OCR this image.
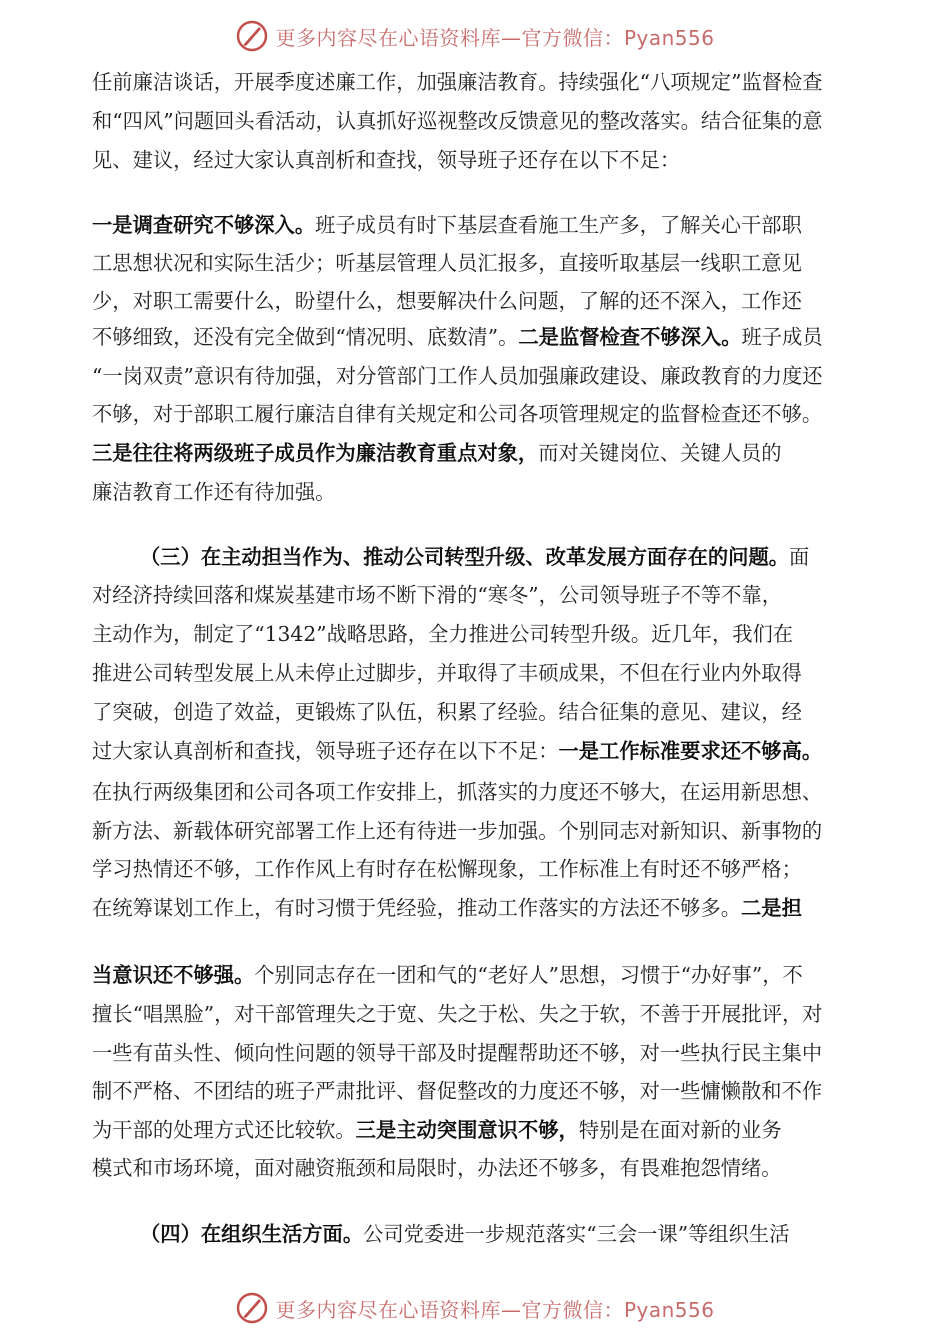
更多内容尽在心语资料库—官方微信：Pyan556
任前廉洁谈话，开展季度述廉工作，加强廉洁教育。持续强化“八项规定”监督检查
和“四风”问题回头看活动，认真抓好巡视整改反馈意见的整改落实。结合征集的意
见、建议，经过大家认真剖析和查找，领导班子还存在以下不足：
一是调查研究不够深入。班子成员有时下基层查看施工生产多，了解关心干部职
工思想状况和实际生活少；听基层管理人员汇报多，直接听取基层一线职工意见
少，对职工需要什么，盼望什么，想要解决什么问题，了解的还不深入，工作还
不够细致，还没有完全做到“情况明、底数清”。二是监督检查不够深入。班子成员
“一岗双责”意识有待加强，对分管部门工作人员加强廉政建设、廉政教育的力度还
不够，对于部职工履行廉洁自律有关规定和公司各项管理规定的监督检查还不够。
三是往往将两级班子成员作为廉洁教育重点对象，而对关键岗位、关键人员的
廉洁教育工作还有待加强。
（三）在主动担当作为、推动公司转型升级、改革发展方面存在的问题。面
对经济持续回落和煤炭基建市场不断下滑的“寒冬”，公司领导班子不等不靠，
主动作为，制定了“1342”战略思路，全力推进公司转型升级。近几年，我们在
推进公司转型发展上从未停止过脚步，并取得了丰硕成果，不但在行业内外取得
了突破，创造了效益，更锻炼了队伍，积累了经验。结合征集的意见、建议，经
过大家认真剖析和查找，领导班子还存在以下不足：一是工作标准要求还不够高。
在执行两级集团和公司各项工作安排上，抓落实的力度还不够大，在运用新思想、
新方法、新载体研究部署工作上还有待进一步加强。个别同志对新知识、新事物的
学习热情还不够，工作作风上有时存在松懈现象，工作标准上有时还不够严格；
在统筹谋划工作上，有时习惯于凭经验，推动工作落实的方法还不够多。二是担
当意识还不够强。个别同志存在一团和气的“老好人”思想，习惯于“办好事”，不
擅长“唱黑脸”，对干部管理失之于宽、失之于松、失之于软，不善于开展批评，对
一些有苗头性、倾向性问题的领导干部及时提醒帮助还不够，对一些执行民主集中
制不严格、不团结的班子严肃批评、督促整改的力度还不够，对一些慵懒散和不作
为干部的处理方式还比较软。三是主动突围意识不够，特别是在面对新的业务
模式和市场环境，面对融资瓶颈和局限时，办法还不够多，有畏难抱怨情绪。
（四）在组织生活方面。公司党委进一步规范落实“三会一课”等组织生活
更多内容尽在心语资料库—官方微信：Pyan556
